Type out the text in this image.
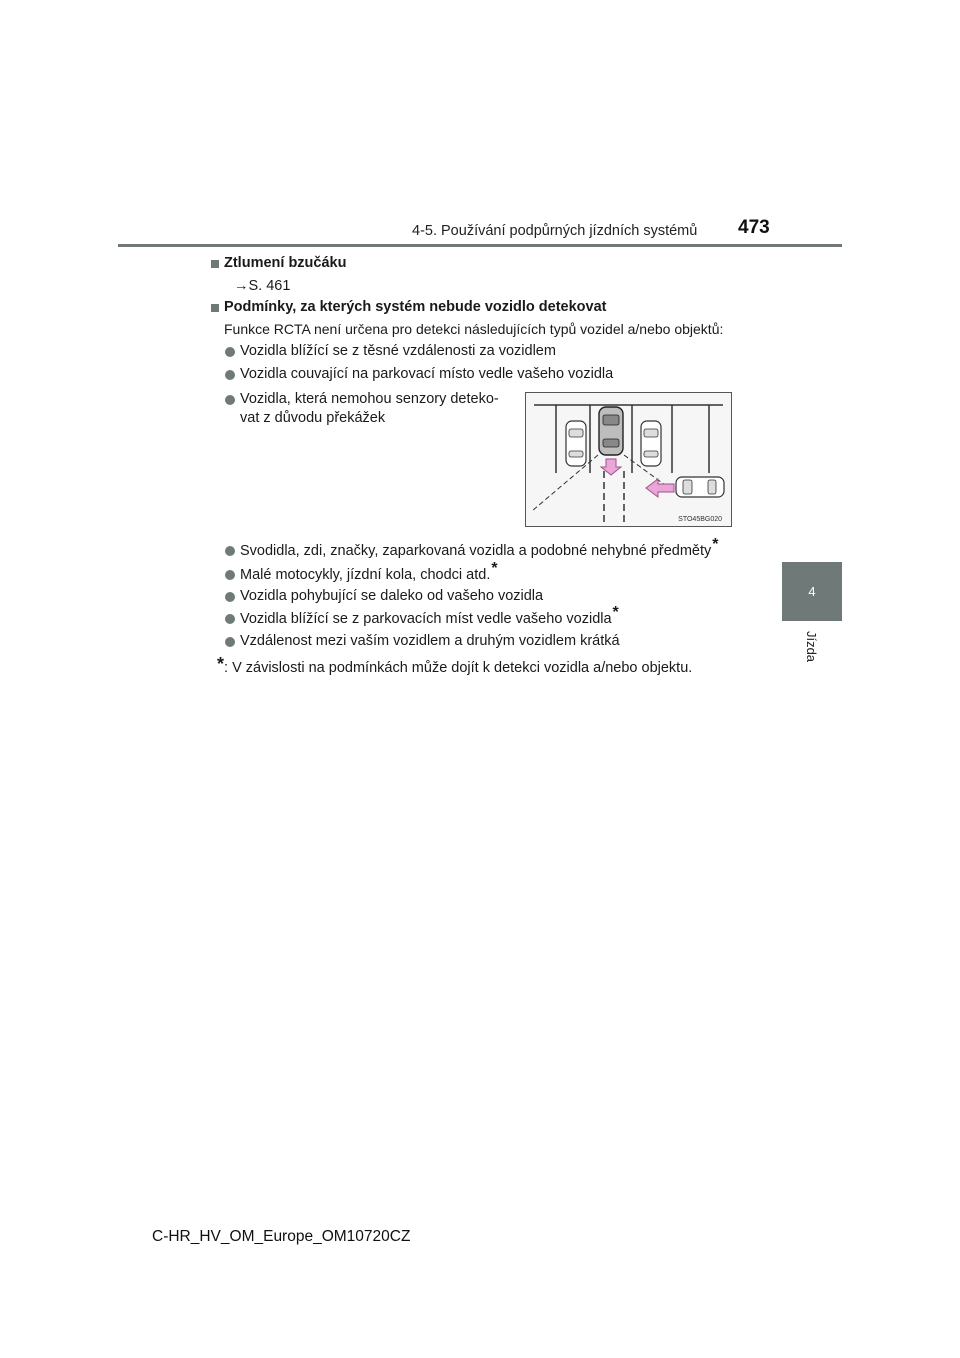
4-5. Používání podpůrných jízdních systémů 473
4
Jízda
Ztlumení bzučáku
→S. 461
Podmínky, za kterých systém nebude vozidlo detekovat
Funkce RCTA není určena pro detekci následujících typů vozidel a/nebo objektů:
Vozidla blížící se z těsné vzdálenosti za vozidlem
Vozidla couvající na parkovací místo vedle vašeho vozidla
Vozidla, která nemohou senzory deteko-
vat z důvodu překážek
STO45BG020
Svodidla, zdi, značky, zaparkovaná vozidla a podobné nehybné předměty*
Malé motocykly, jízdní kola, chodci atd.*
Vozidla pohybující se daleko od vašeho vozidla
Vozidla blížící se z parkovacích míst vedle vašeho vozidla*
Vzdálenost mezi vaším vozidlem a druhým vozidlem krátká
*: V závislosti na podmínkách může dojít k detekci vozidla a/nebo objektu.
C-HR_HV_OM_Europe_OM10720CZ
